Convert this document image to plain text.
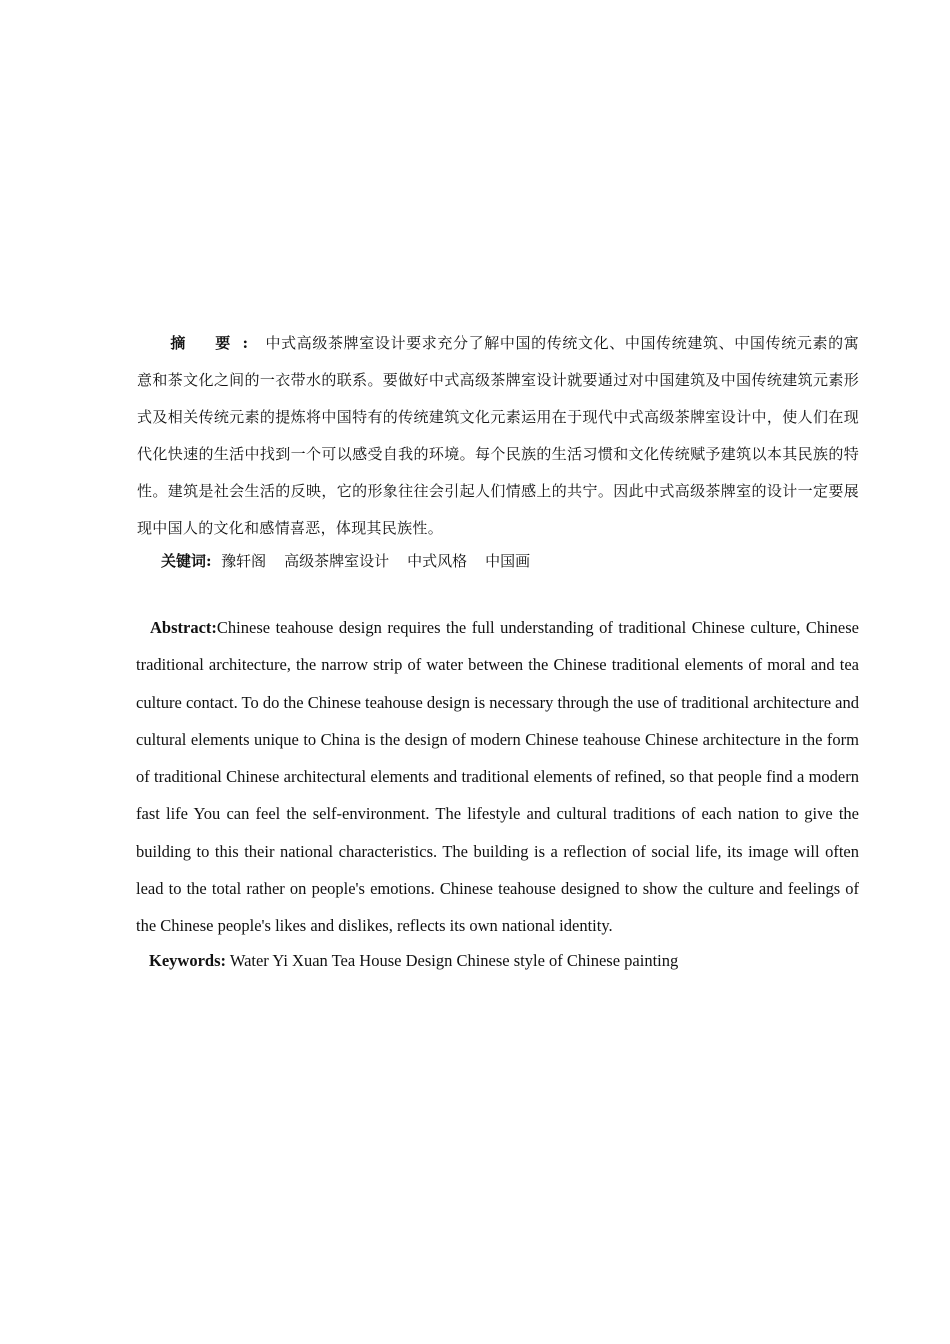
摘 要: 中式高级茶牌室设计要求充分了解中国的传统文化、中国传统建筑、中国传统元素的寓意和茶文化之间的一衣带水的联系。要做好中式高级茶牌室设计就要通过对中国建筑及中国传统建筑元素形式及相关传统元素的提炼将中国特有的传统建筑文化元素运用在于现代中式高级茶牌室设计中，使人们在现代化快速的生活中找到一个可以感受自我的环境。每个民族的生活习惯和文化传统赋予建筑以本其民族的特性。建筑是社会生活的反映，它的形象往往会引起人们情感上的共宁。因此中式高级茶牌室的设计一定要展现中国人的文化和感情喜恶，体现其民族性。

关键词: 豫轩阁 高级茶牌室设计 中式风格 中国画

Abstract:Chinese teahouse design requires the full understanding of traditional Chinese culture, Chinese traditional architecture, the narrow strip of water between the Chinese traditional elements of moral and tea culture contact. To do the Chinese teahouse design is necessary through the use of traditional architecture and cultural elements unique to China is the design of modern Chinese teahouse Chinese architecture in the form of traditional Chinese architectural elements and traditional elements of refined, so that people find a modern fast life You can feel the self-environment. The lifestyle and cultural traditions of each nation to give the building to this their national characteristics. The building is a reflection of social life, its image will often lead to the total rather on people's emotions. Chinese teahouse designed to show the culture and feelings of the Chinese people's likes and dislikes, reflects its own national identity.

Keywords: Water Yi Xuan Tea House Design Chinese style of Chinese painting
